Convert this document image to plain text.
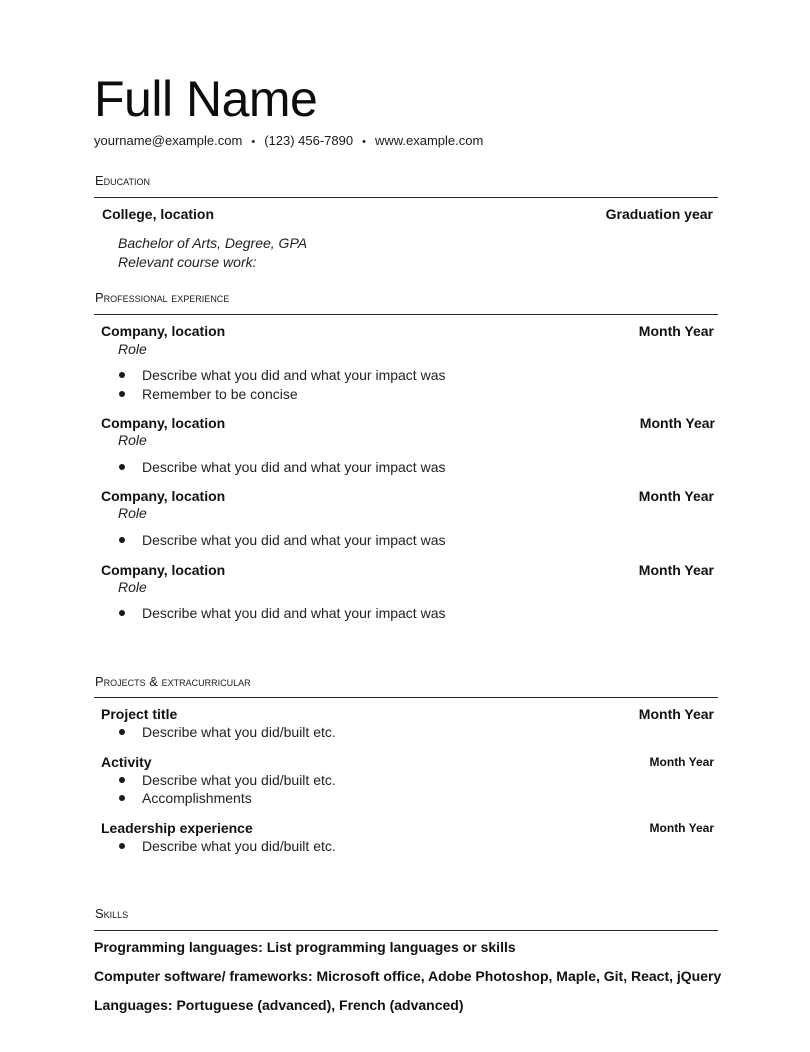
Full Name
yourname@example.com • (123) 456-7890 • www.example.com
Education
College, location	Graduation year
Bachelor of Arts, Degree, GPA
Relevant course work:
Professional experience
Company, location	Month Year
Role
Describe what you did and what your impact was
Remember to be concise
Company, location	Month Year
Role
Describe what you did and what your impact was
Company, location	Month Year
Role
Describe what you did and what your impact was
Company, location	Month Year
Role
Describe what you did and what your impact was
Projects & extracurricular
Project title	Month Year
Describe what you did/built etc.
Activity	Month Year
Describe what you did/built etc.
Accomplishments
Leadership experience	Month Year
Describe what you did/built etc.
Skills
Programming languages: List programming languages or skills
Computer software/ frameworks: Microsoft office, Adobe Photoshop, Maple, Git, React, jQuery
Languages: Portuguese (advanced), French (advanced)
